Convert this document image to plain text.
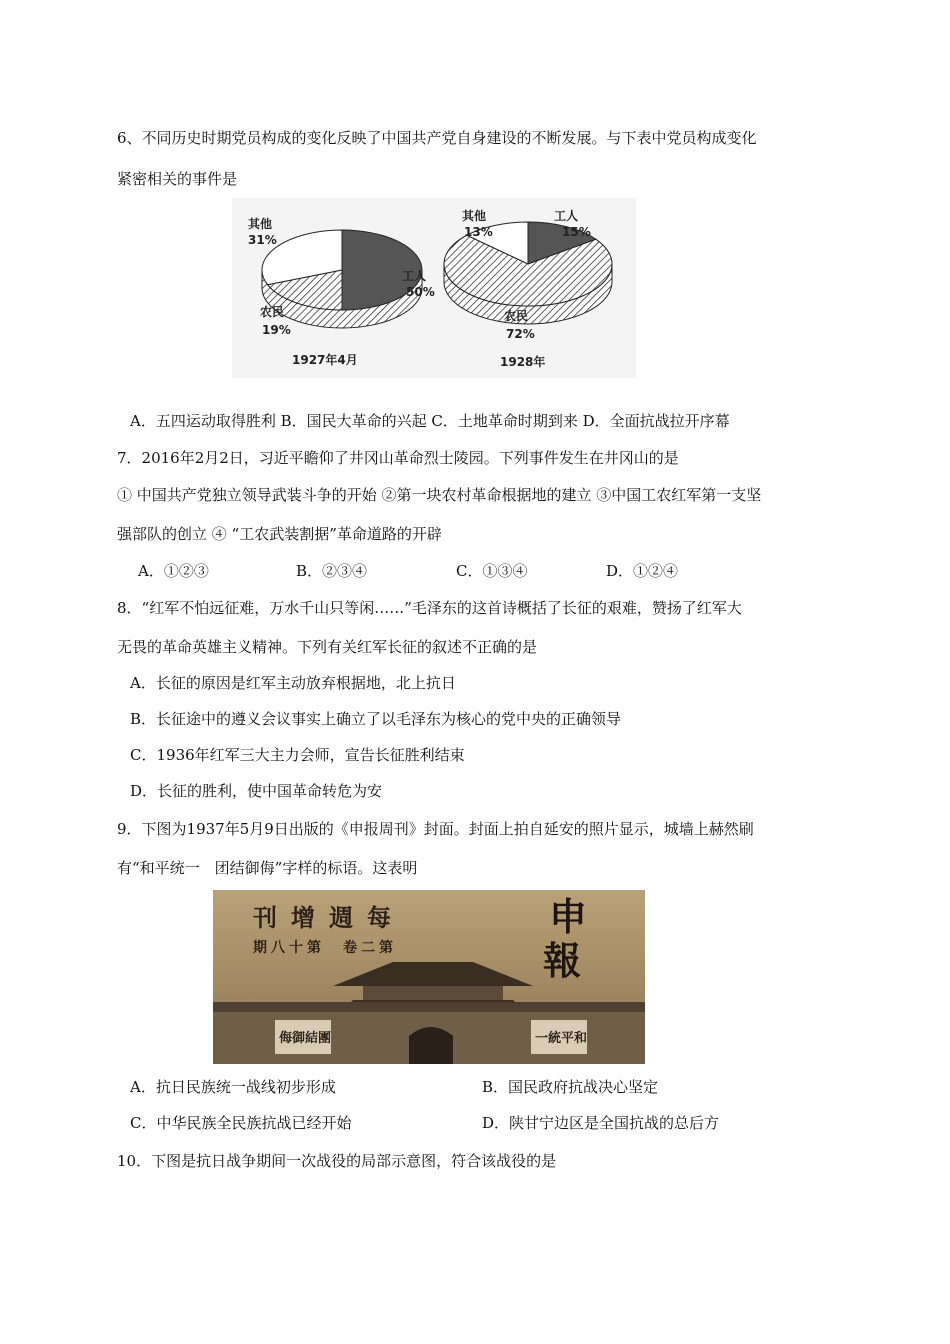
6、不同历史时期党员构成的变化反映了中国共产党自身建设的不断发展。与下表中党员构成变化
紧密相关的事件是
其他
31%
工人
50%
农民
19%
1927年4月
其他
13%
工人
15%
农民
72%
1928年
A．五四运动取得胜利 B．国民大革命的兴起 C．土地革命时期到来 D．全面抗战拉开序幕
7．2016年2月2日，习近平瞻仰了井冈山革命烈士陵园。下列事件发生在井冈山的是
① 中国共产党独立领导武装斗争的开始 ②第一块农村革命根据地的建立 ③中国工农红军第一支坚
强部队的创立 ④ “工农武装割据”革命道路的开辟
A．①②③	B．②③④	C．①③④	D．①②④
8．“红军不怕远征难，万水千山只等闲……”毛泽东的这首诗概括了长征的艰难，赞扬了红军大
无畏的革命英雄主义精神。下列有关红军长征的叙述不正确的是
A．长征的原因是红军主动放弃根据地，北上抗日
B．长征途中的遵义会议事实上确立了以毛泽东为核心的党中央的正确领导
C．1936年红军三大主力会师，宣告长征胜利结束
D．长征的胜利，使中国革命转危为安
9．下图为1937年5月9日出版的《申报周刊》封面。封面上拍自延安的照片显示，城墙上赫然刷
有“和平统一　团结御侮”字样的标语。这表明
刊增週每
期八十第　卷二第
申
報
侮御結團	一統平和
A．抗日民族统一战线初步形成	B．国民政府抗战决心坚定
C．中华民族全民族抗战已经开始	D．陕甘宁边区是全国抗战的总后方
10．下图是抗日战争期间一次战役的局部示意图，符合该战役的是
